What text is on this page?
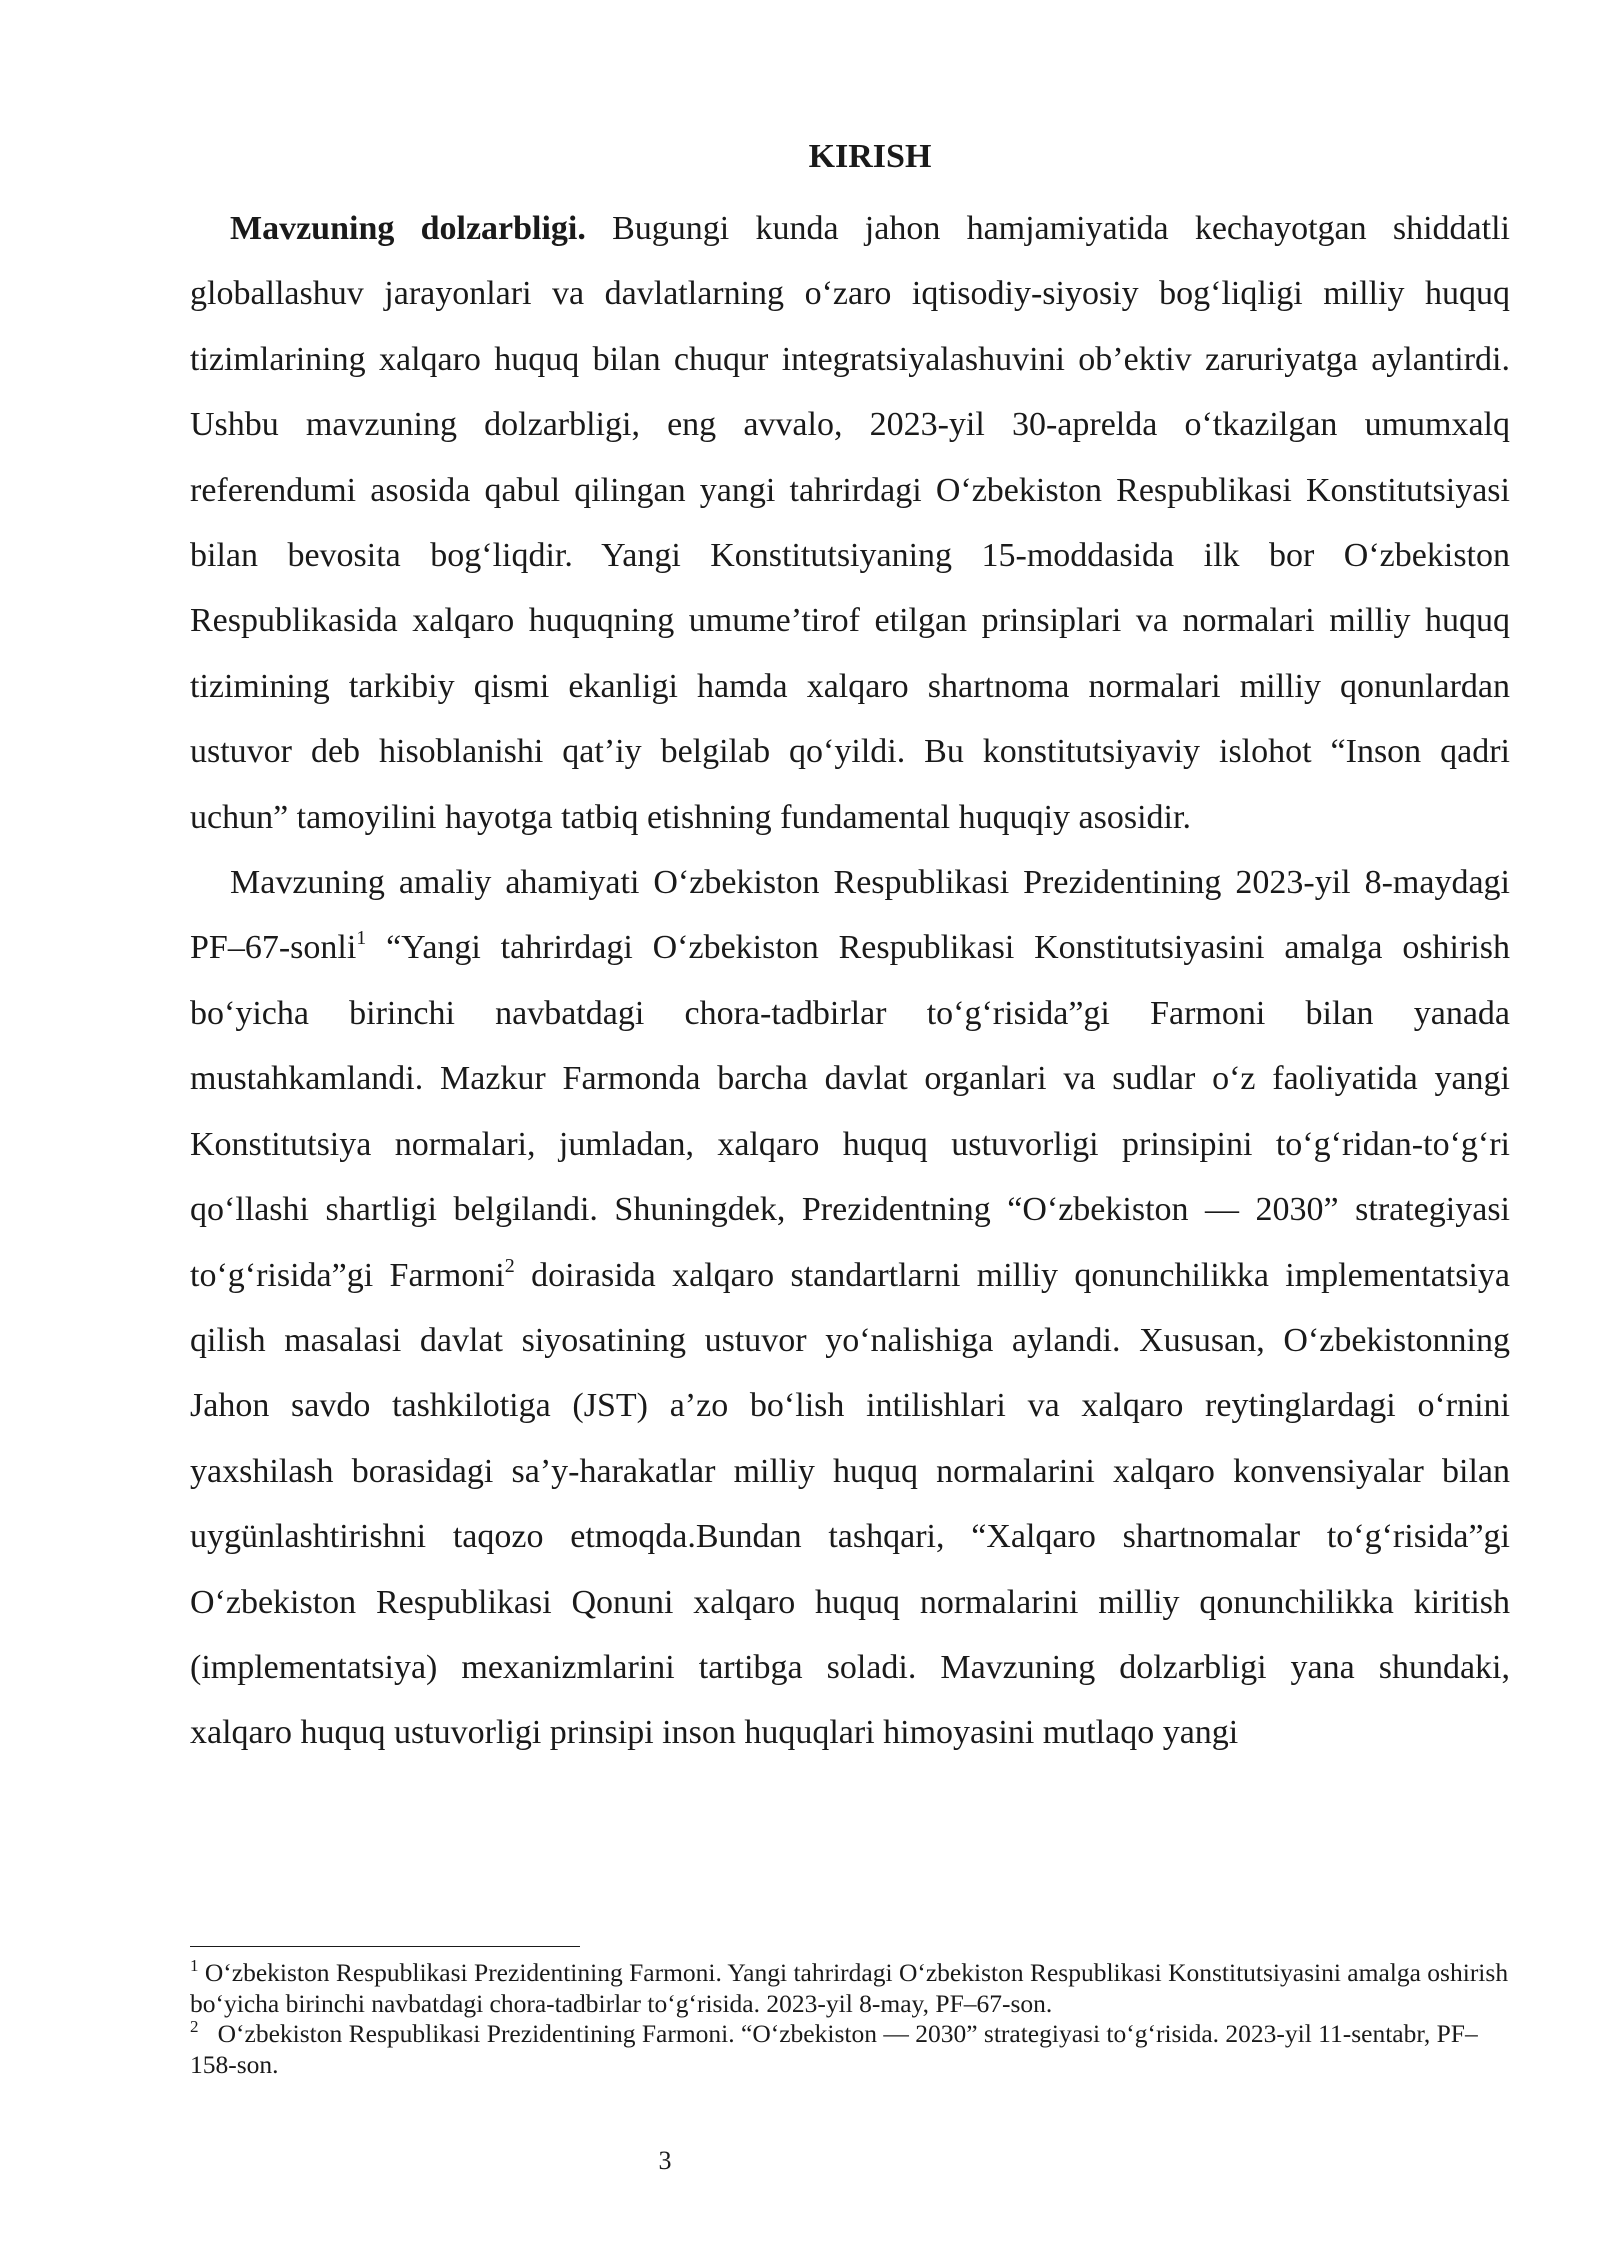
KIRISH

Mavzuning dolzarbligi. Bugungi kunda jahon hamjamiyatida kechayotgan shiddatli globallashuv jarayonlari va davlatlarning o‘zaro iqtisodiy-siyosiy bog‘liqligi milliy huquq tizimlarining xalqaro huquq bilan chuqur integratsiyalashuvini ob’ektiv zaruriyatga aylantirdi. Ushbu mavzuning dolzarbligi, eng avvalo, 2023-yil 30-aprelda o‘tkazilgan umumxalq referendumi asosida qabul qilingan yangi tahrirdagi O‘zbekiston Respublikasi Konstitutsiyasi bilan bevosita bog‘liqdir. Yangi Konstitutsiyaning 15-moddasida ilk bor O‘zbekiston Respublikasida xalqaro huquqning umume’tirof etilgan prinsiplari va normalari milliy huquq tizimining tarkibiy qismi ekanligi hamda xalqaro shartnoma normalari milliy qonunlardan ustuvor deb hisoblanishi qat’iy belgilab qo‘yildi. Bu konstitutsiyaviy islohot “Inson qadri uchun” tamoyilini hayotga tatbiq etishning fundamental huquqiy asosidir.

Mavzuning amaliy ahamiyati O‘zbekiston Respublikasi Prezidentining 2023-yil 8-maydagi PF–67-sonli$^1$ “Yangi tahrirdagi O‘zbekiston Respublikasi Konstitutsiyasini amalga oshirish bo‘yicha birinchi navbatdagi chora-tadbirlar to‘g‘risida”gi Farmoni bilan yanada mustahkamlandi. Mazkur Farmonda barcha davlat organlari va sudlar o‘z faoliyatida yangi Konstitutsiya normalari, jumladan, xalqaro huquq ustuvorligi prinsipini to‘g‘ridan-to‘g‘ri qo‘llashi shartligi belgilandi. Shuningdek, Prezidentning “O‘zbekiston — 2030” strategiyasi to‘g‘risida”gi Farmoni$^2$ doirasida xalqaro standartlarni milliy qonunchilikka implementatsiya qilish masalasi davlat siyosatining ustuvor yo‘nalishiga aylandi. Xususan, O‘zbekistonning Jahon savdo tashkilotiga (JST) a’zo bo‘lish intilishlari va xalqaro reytinglardagi o‘rnini yaxshilash borasidagi sa’y-harakatlar milliy huquq normalarini xalqaro konvensiyalar bilan uygünlashtirishni taqozo etmoqda.Bundan tashqari, “Xalqaro shartnomalar to‘g‘risida”gi O‘zbekiston Respublikasi Qonuni xalqaro huquq normalarini milliy qonunchilikka kiritish (implementatsiya) mexanizmlarini tartibga soladi. Mavzuning dolzarbligi yana shundaki, xalqaro huquq ustuvorligi prinsipi inson huquqlari himoyasini mutlaqo yangi

$^1$ O‘zbekiston Respublikasi Prezidentining Farmoni. Yangi tahrirdagi O‘zbekiston Respublikasi Konstitutsiyasini amalga oshirish bo‘yicha birinchi navbatdagi chora-tadbirlar to‘g‘risida. 2023-yil 8-may, PF–67-son.

$^2$   O‘zbekiston Respublikasi Prezidentining Farmoni. “O‘zbekiston — 2030” strategiyasi to‘g‘risida. 2023-yil 11-sentabr, PF–158-son.

3
